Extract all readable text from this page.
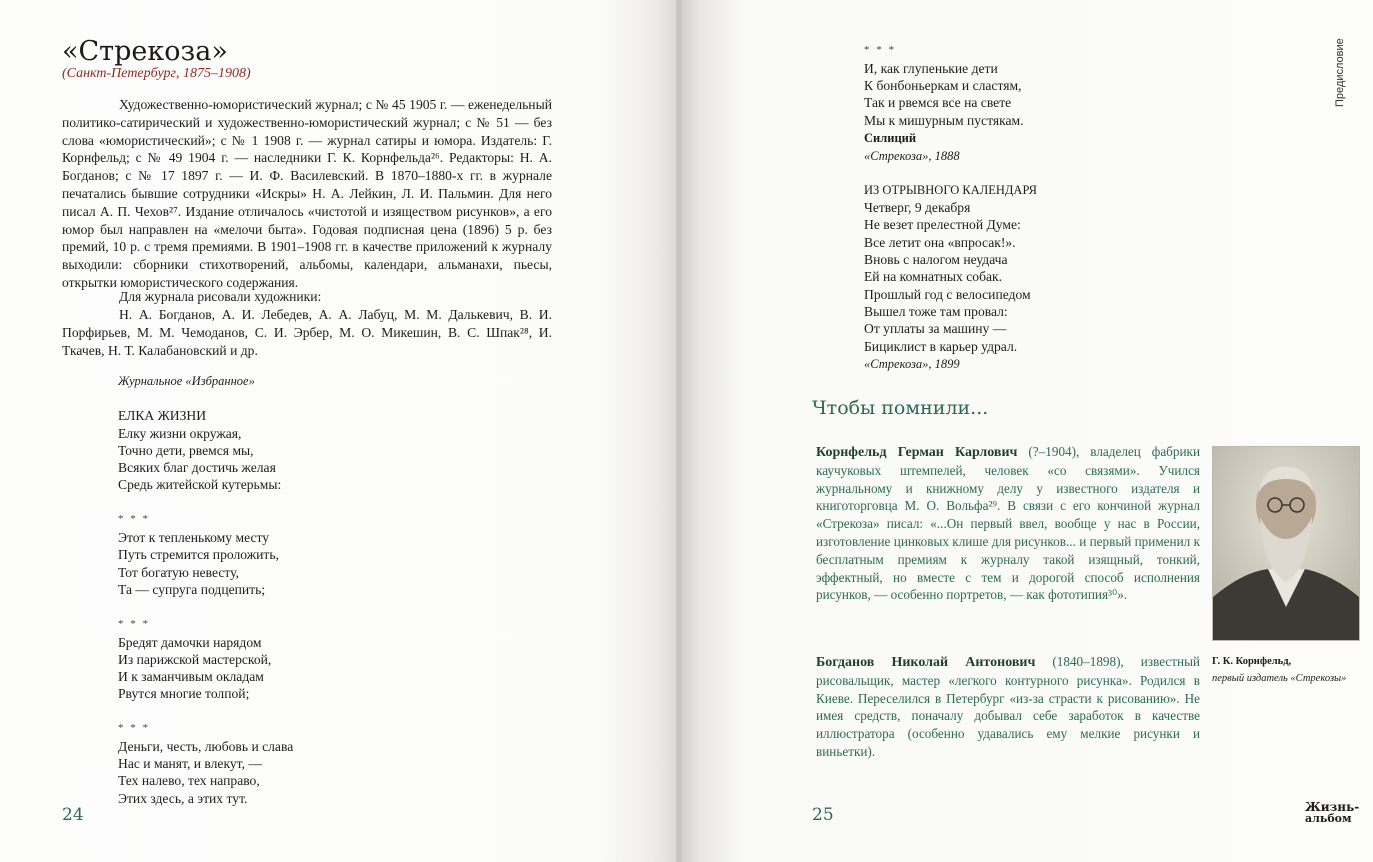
«Стрекоза»
(Санкт-Петербург, 1875–1908)
Художественно-юмористический журнал; с № 45 1905 г. — еженедельный политико-сатирический и художественно-юмористический журнал; с № 51 — без слова «юмористический»; с № 1 1908 г. — журнал сатиры и юмора. Издатель: Г. Корнфельд; с № 49 1904 г. — наследники Г. К. Корнфельда²⁶. Редакторы: Н. А. Богданов; с № 17 1897 г. — И. Ф. Василевский. В 1870–1880-х гг. в журнале печатались бывшие сотрудники «Искры» Н. А. Лейкин, Л. И. Пальмин. Для него писал А. П. Чехов²⁷. Издание отличалось «чистотой и изяществом рисунков», а его юмор был направлен на «мелочи быта». Годовая подписная цена (1896) 5 р. без премий, 10 р. с тремя премиями. В 1901–1908 гг. в качестве приложений к журналу выходили: сборники стихотворений, альбомы, календари, альманахи, пьесы, открытки юмористического содержания.
Для журнала рисовали художники:
Н. А. Богданов, А. И. Лебедев, А. А. Лабуц, М. М. Далькевич, В. И. Порфирьев, М. М. Чемоданов, С. И. Эрбер, М. О. Микешин, В. С. Шпак²⁸, И. Ткачев, Н. Т. Калабановский и др.
Журнальное «Избранное»
ЕЛКА ЖИЗНИ
Елку жизни окружая,
Точно дети, рвемся мы,
Всяких благ достичь желая
Средь житейской кутерьмы:
* * *
Этот к тепленькому месту
Путь стремится проложить,
Тот богатую невесту,
Та — супруга подцепить;
* * *
Бредят дамочки нарядом
Из парижской мастерской,
И к заманчивым окладам
Рвутся многие толпой;
* * *
Деньги, честь, любовь и слава
Нас и манят, и влекут, —
Тех налево, тех направо,
Этих здесь, а этих тут.
24
* * *
И, как глупенькие дети
К бонбоньеркам и сластям,
Так и рвемся все на свете
Мы к мишурным пустякам.
Силиций
«Стрекоза», 1888
ИЗ ОТРЫВНОГО КАЛЕНДАРЯ
Четверг, 9 декабря
Не везет прелестной Думе:
Все летит она «впросак!».
Вновь с налогом неудача
Ей на комнатных собак.
Прошлый год с велосипедом
Вышел тоже там провал:
От уплаты за машину —
Бициклист в карьер удрал.
«Стрекоза», 1899
Чтобы помнили...

Корнфельд Герман Карлович (?–1904), владелец фабрики каучуковых штемпелей, человек «со связями». Учился журнальному и книжному делу у известного издателя и книготорговца М. О. Вольфа²⁹. В связи с его кончиной журнал «Стрекоза» писал: «...Он первый ввел, вообще у нас в России, изготовление цинковых клише для рисунков... и первый применил к бесплатным премиям к журналу такой изящный, тонкий, эффектный, но вместе с тем и дорогой способ исполнения рисунков, — особенно портретов, — как фототипия³⁰».

Богданов Николай Антонович (1840–1898), известный рисовальщик, мастер «легкого контурного рисунка». Родился в Киеве. Переселился в Петербург «из-за страсти к рисованию». Не имея средств, поначалу добывал себе заработок в качестве иллюстратора (особенно удавались ему мелкие рисунки и виньетки).

Г. К. Корнфельд,
первый издатель «Стрекозы»
Предисловие
25	Жизнь-
альбом
